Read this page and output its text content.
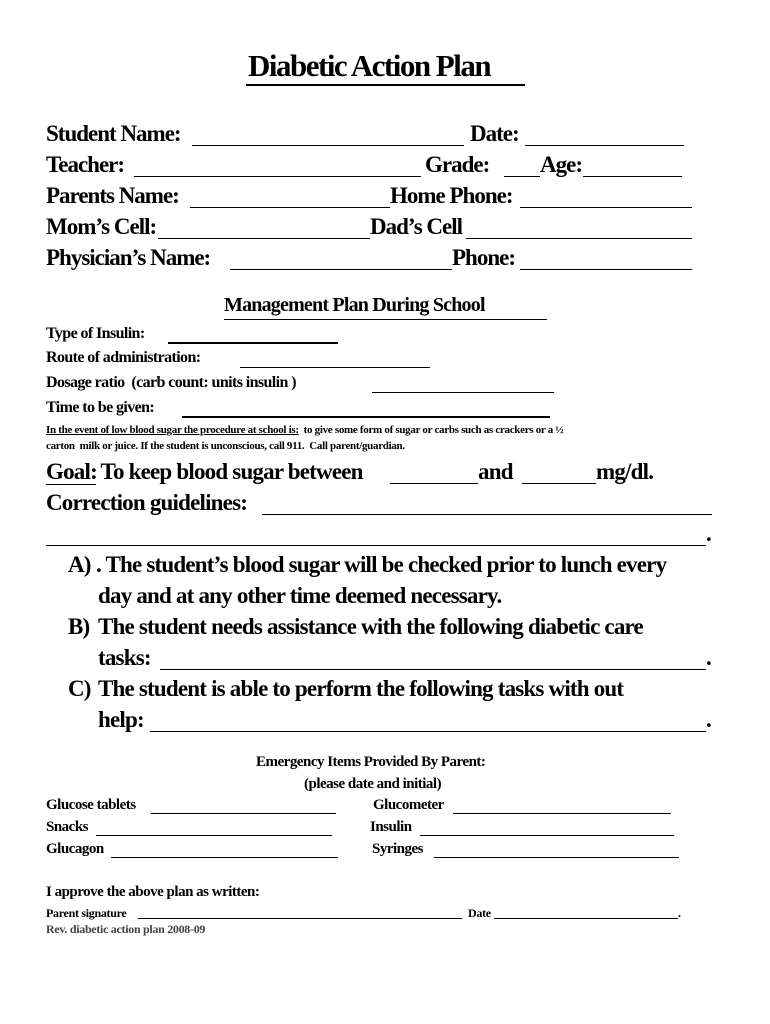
Diabetic Action Plan
Student Name:	Date:
Teacher:	Grade: Age:
Parents Name:	Home Phone:
Mom’s Cell:	Dad’s Cell
Physician’s Name:	Phone:
Management Plan During School
Type of Insulin:
Route of administration:
Dosage ratio  (carb count: units insulin )
Time to be given:
In the event of low blood sugar the procedure at school is:  to give some form of sugar or carbs such as crackers or a ½
carton  milk or juice. If the student is unconscious, call 911.  Call parent/guardian.
Goal: To keep blood sugar between	and	mg/dl.
Correction guidelines:
.
A) . The student’s blood sugar will be checked prior to lunch every
day and at any other time deemed necessary.
B) The student needs assistance with the following diabetic care
tasks:	.
C) The student is able to perform the following tasks with out
help:	.
Emergency Items Provided By Parent:
(please date and initial)
Glucose tablets	Glucometer
Snacks	Insulin
Glucagon	Syringes
I approve the above plan as written:
Parent signature	Date	.
Rev. diabetic action plan 2008-09
